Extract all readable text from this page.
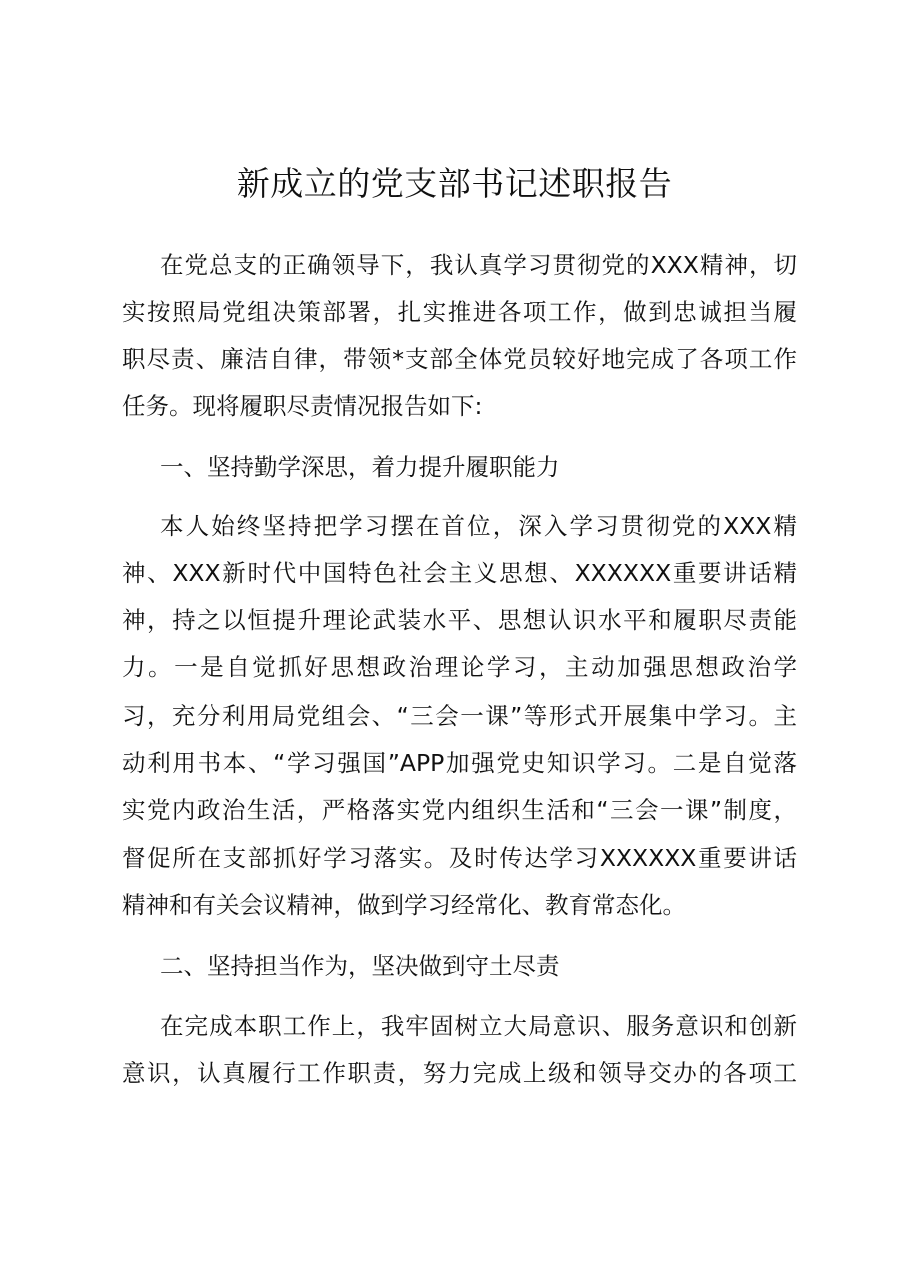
新成立的党支部书记述职报告

在党总支的正确领导下，我认真学习贯彻党的XXX精神，切

实按照局党组决策部署，扎实推进各项工作，做到忠诚担当履

职尽责、廉洁自律，带领*支部全体党员较好地完成了各项工作

任务。现将履职尽责情况报告如下:

一、坚持勤学深思，着力提升履职能力

本人始终坚持把学习摆在首位，深入学习贯彻党的XXX精

神、XXX新时代中国特色社会主义思想、XXXXXX重要讲话精

神，持之以恒提升理论武装水平、思想认识水平和履职尽责能

力。一是自觉抓好思想政治理论学习，主动加强思想政治学

习，充分利用局党组会、“三会一课”等形式开展集中学习。主

动利用书本、“学习强国”APP加强党史知识学习。二是自觉落

实党内政治生活，严格落实党内组织生活和“三会一课”制度，

督促所在支部抓好学习落实。及时传达学习XXXXXX重要讲话

精神和有关会议精神，做到学习经常化、教育常态化。

二、坚持担当作为，坚决做到守土尽责

在完成本职工作上，我牢固树立大局意识、服务意识和创新

意识，认真履行工作职责，努力完成上级和领导交办的各项工
